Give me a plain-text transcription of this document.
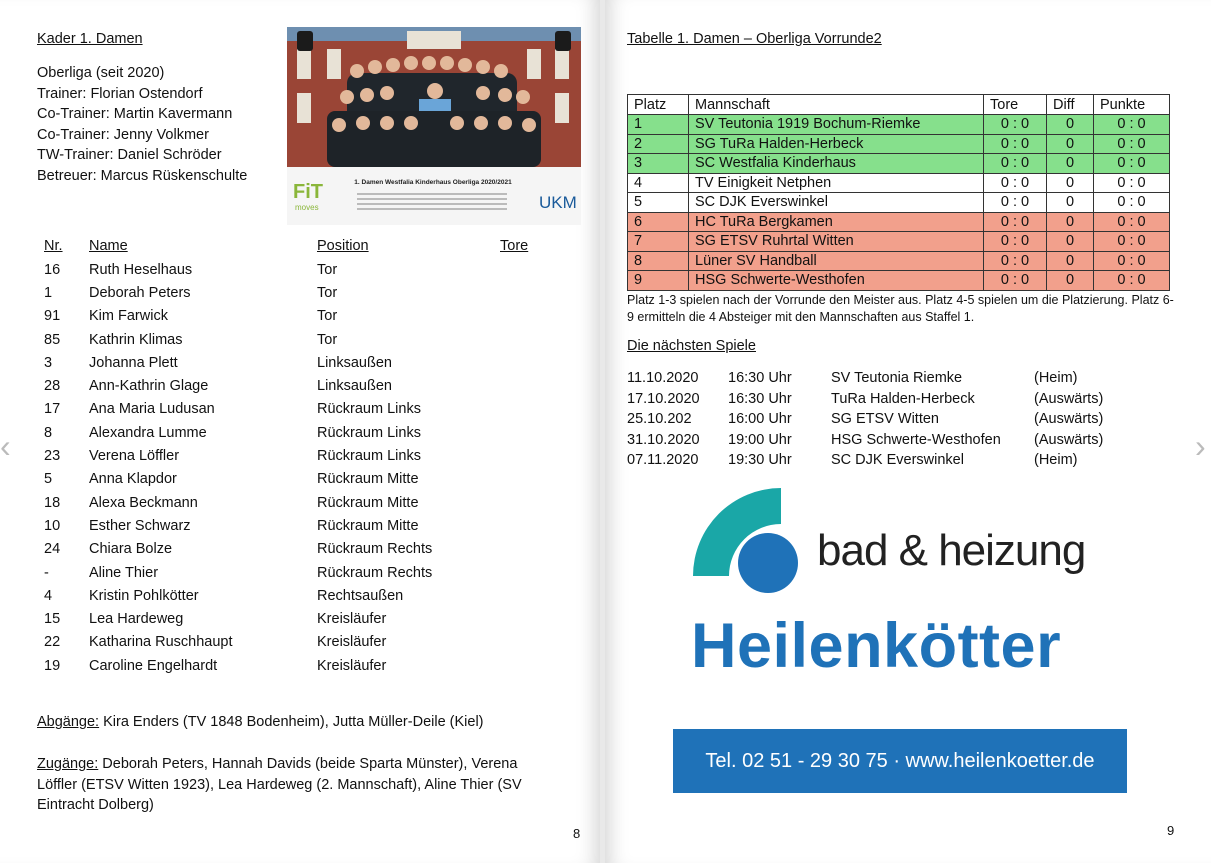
‹
Kader 1. Damen
Oberliga (seit 2020)
Trainer: Florian Ostendorf
Co-Trainer: Martin Kavermann
Co-Trainer: Jenny Volkmer
TW-Trainer: Daniel Schröder
Betreuer: Marcus Rüskenschulte
FiT
moves
1. Damen Westfalia Kinderhaus Oberliga 2020/2021
UKM
Nr.	Name	Position	Tore
16	Ruth Heselhaus	Tor	
1	Deborah Peters	Tor	
91	Kim Farwick	Tor	
85	Kathrin Klimas	Tor	
3	Johanna Plett	Linksaußen	
28	Ann-Kathrin Glage	Linksaußen	
17	Ana Maria Ludusan	Rückraum Links	
8	Alexandra Lumme	Rückraum Links	
23	Verena Löffler	Rückraum Links	
5	Anna Klapdor	Rückraum Mitte	
18	Alexa Beckmann	Rückraum Mitte	
10	Esther Schwarz	Rückraum Mitte	
24	Chiara Bolze	Rückraum Rechts	
-	Aline Thier	Rückraum Rechts	
4	Kristin Pohlkötter	Rechtsaußen	
15	Lea Hardeweg	Kreisläufer	
22	Katharina Ruschhaupt	Kreisläufer	
19	Caroline Engelhardt	Kreisläufer	
Abgänge: Kira Enders (TV 1848 Bodenheim), Jutta Müller-Deile (Kiel)
Zugänge: Deborah Peters, Hannah Davids (beide Sparta Münster), Verena Löffler (ETSV Witten 1923), Lea Hardeweg (2. Mannschaft), Aline Thier (SV Eintracht Dolberg)
8
Tabelle 1. Damen – Oberliga Vorrunde2
Platz	Mannschaft	Tore	Diff	Punkte
1	SV Teutonia 1919 Bochum-Riemke	0 : 0	0	0 : 0
2	SG TuRa Halden-Herbeck	0 : 0	0	0 : 0
3	SC Westfalia Kinderhaus	0 : 0	0	0 : 0
4	TV Einigkeit Netphen	0 : 0	0	0 : 0
5	SC DJK Everswinkel	0 : 0	0	0 : 0
6	HC TuRa Bergkamen	0 : 0	0	0 : 0
7	SG ETSV Ruhrtal Witten	0 : 0	0	0 : 0
8	Lüner SV Handball	0 : 0	0	0 : 0
9	HSG Schwerte-Westhofen	0 : 0	0	0 : 0
Platz 1-3 spielen nach der Vorrunde den Meister aus. Platz 4-5 spielen um die Platzierung. Platz 6-9 ermitteln die 4 Absteiger mit den Mannschaften aus Staffel 1.
Die nächsten Spiele
11.10.2020	16:30 Uhr	SV Teutonia Riemke	(Heim)
17.10.2020	16:30 Uhr	TuRa Halden-Herbeck	(Auswärts)
25.10.202	16:00 Uhr	SG ETSV Witten	(Auswärts)
31.10.2020	19:00 Uhr	HSG Schwerte-Westhofen	(Auswärts)
07.11.2020	19:30 Uhr	SC DJK Everswinkel	(Heim)
bad & heizung
Heilenkötter
Tel. 02 51 - 29 30 75 · www.heilenkoetter.de
9
›
